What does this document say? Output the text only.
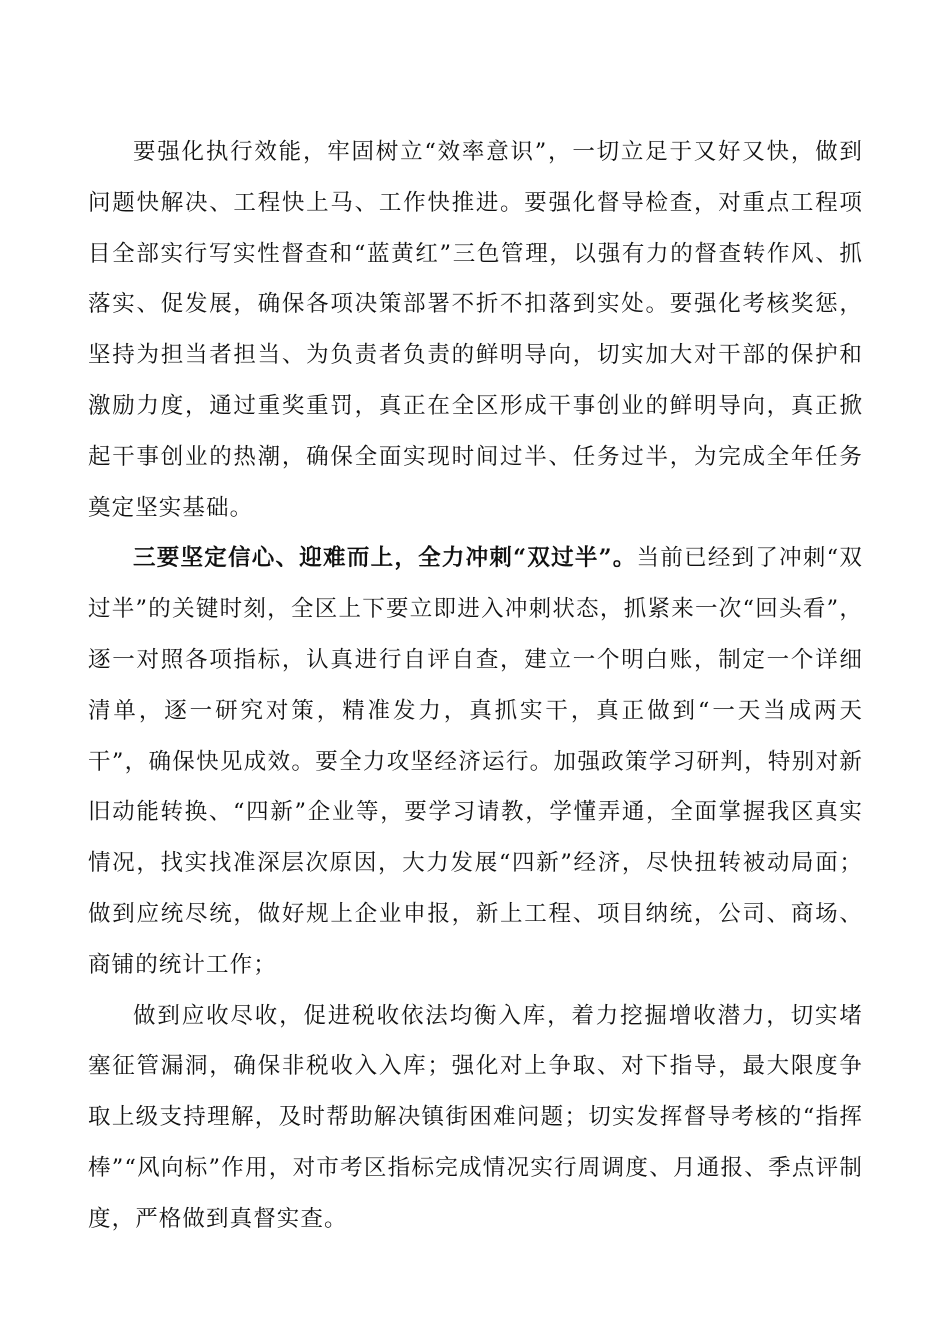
要强化执行效能，牢固树立“效率意识”，一切立足于又好又快，做到问题快解决、工程快上马、工作快推进。要强化督导检查，对重点工程项目全部实行写实性督查和“蓝黄红”三色管理，以强有力的督查转作风、抓落实、促发展，确保各项决策部署不折不扣落到实处。要强化考核奖惩，坚持为担当者担当、为负责者负责的鲜明导向，切实加大对干部的保护和激励力度，通过重奖重罚，真正在全区形成干事创业的鲜明导向，真正掀起干事创业的热潮，确保全面实现时间过半、任务过半，为完成全年任务奠定坚实基础。

三要坚定信心、迎难而上，全力冲刺“双过半”。当前已经到了冲刺“双过半”的关键时刻，全区上下要立即进入冲刺状态，抓紧来一次“回头看”，逐一对照各项指标，认真进行自评自查，建立一个明白账，制定一个详细清单，逐一研究对策，精准发力，真抓实干，真正做到“一天当成两天干”，确保快见成效。要全力攻坚经济运行。加强政策学习研判，特别对新旧动能转换、“四新”企业等，要学习请教，学懂弄通，全面掌握我区真实情况，找实找准深层次原因，大力发展“四新”经济，尽快扭转被动局面；做到应统尽统，做好规上企业申报，新上工程、项目纳统，公司、商场、商铺的统计工作；

做到应收尽收，促进税收依法均衡入库，着力挖掘增收潜力，切实堵塞征管漏洞，确保非税收入入库；强化对上争取、对下指导，最大限度争取上级支持理解，及时帮助解决镇街困难问题；切实发挥督导考核的“指挥棒”“风向标”作用，对市考区指标完成情况实行周调度、月通报、季点评制度，严格做到真督实查。
